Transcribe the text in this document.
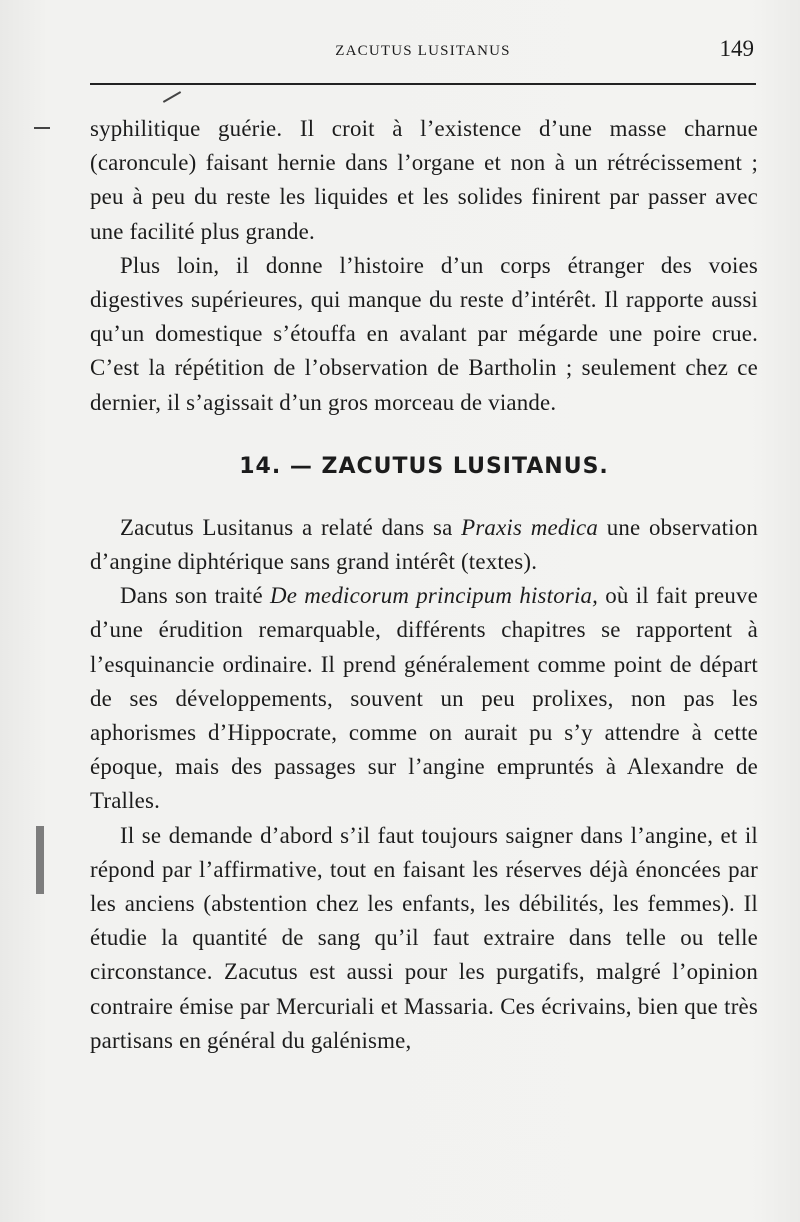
ZACUTUS LUSITANUS	149

syphilitique guérie. Il croit à l’existence d’une masse charnue (caroncule) faisant hernie dans l’organe et non à un rétrécissement ; peu à peu du reste les liquides et les solides finirent par passer avec une facilité plus grande.

Plus loin, il donne l’histoire d’un corps étranger des voies digestives supérieures, qui manque du reste d’intérêt. Il rapporte aussi qu’un domestique s’étouffa en avalant par mégarde une poire crue. C’est la répétition de l’observation de Bartholin ; seulement chez ce dernier, il s’agissait d’un gros morceau de viande.

14. — ZACUTUS LUSITANUS.

Zacutus Lusitanus a relaté dans sa Praxis medica une observation d’angine diphtérique sans grand intérêt (textes).

Dans son traité De medicorum principum historia, où il fait preuve d’une érudition remarquable, différents chapitres se rapportent à l’esquinancie ordinaire. Il prend généralement comme point de départ de ses développements, souvent un peu prolixes, non pas les aphorismes d’Hippocrate, comme on aurait pu s’y attendre à cette époque, mais des passages sur l’angine empruntés à Alexandre de Tralles.

Il se demande d’abord s’il faut toujours saigner dans l’angine, et il répond par l’affirmative, tout en faisant les réserves déjà énoncées par les anciens (abstention chez les enfants, les débilités, les femmes). Il étudie la quantité de sang qu’il faut extraire dans telle ou telle circonstance. Zacutus est aussi pour les purgatifs, malgré l’opinion contraire émise par Mercuriali et Massaria. Ces écrivains, bien que très partisans en général du galénisme,
